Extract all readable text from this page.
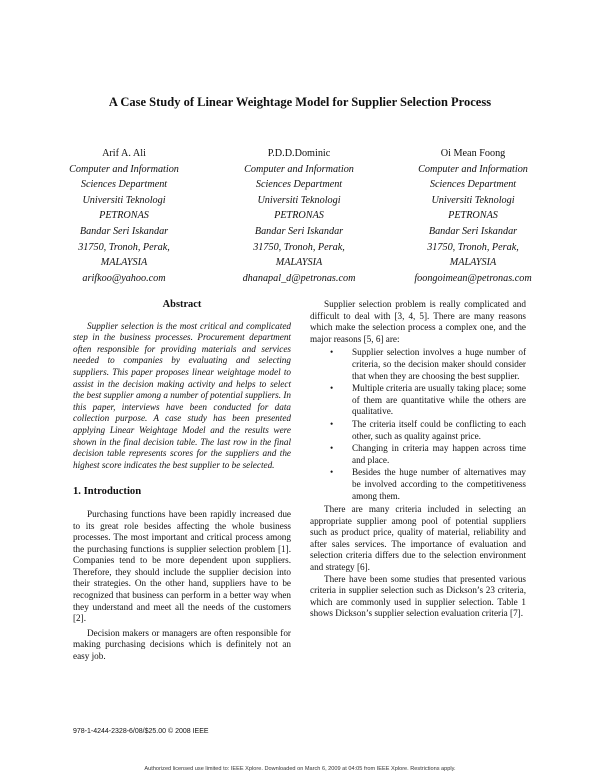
A Case Study of Linear Weightage Model for Supplier Selection Process
Arif A. Ali
Computer and Information
Sciences Department
Universiti Teknologi
PETRONAS
Bandar Seri Iskandar
31750, Tronoh, Perak,
MALAYSIA
arifkoo@yahoo.com
P.D.D.Dominic
Computer and Information
Sciences Department
Universiti Teknologi
PETRONAS
Bandar Seri Iskandar
31750, Tronoh, Perak,
MALAYSIA
dhanapal_d@petronas.com
Oi Mean Foong
Computer and Information
Sciences Department
Universiti Teknologi
PETRONAS
Bandar Seri Iskandar
31750, Tronoh, Perak,
MALAYSIA
foongoimean@petronas.com
Abstract

Supplier selection is the most critical and complicated step in the business processes. Procurement department often responsible for providing materials and services needed to companies by evaluating and selecting suppliers. This paper proposes linear weightage model to assist in the decision making activity and helps to select the best supplier among a number of potential suppliers. In this paper, interviews have been conducted for data collection purpose. A case study has been presented applying Linear Weightage Model and the results were shown in the final decision table. The last row in the final decision table represents scores for the suppliers and the highest score indicates the best supplier to be selected.

1. Introduction

Purchasing functions have been rapidly increased due to its great role besides affecting the whole business processes. The most important and critical process among the purchasing functions is supplier selection problem [1]. Companies tend to be more dependent upon suppliers. Therefore, they should include the supplier decision into their strategies. On the other hand, suppliers have to be recognized that business can perform in a better way when they understand and meet all the needs of the customers [2].

Decision makers or managers are often responsible for making purchasing decisions which is definitely not an easy job.

Supplier selection problem is really complicated and difficult to deal with [3, 4, 5]. There are many reasons which make the selection process a complex one, and the major reasons [5, 6] are:

• Supplier selection involves a huge number of criteria, so the decision maker should consider that when they are choosing the best supplier.
• Multiple criteria are usually taking place; some of them are quantitative while the others are qualitative.
• The criteria itself could be conflicting to each other, such as quality against price.
• Changing in criteria may happen across time and place.
• Besides the huge number of alternatives may be involved according to the competitiveness among them.

There are many criteria included in selecting an appropriate supplier among pool of potential suppliers such as product price, quality of material, reliability and after sales services. The importance of evaluation and selection criteria differs due to the selection environment and strategy [6].

There have been some studies that presented various criteria in supplier selection such as Dickson’s 23 criteria, which are commonly used in supplier selection. Table 1 shows Dickson’s supplier selection evaluation criteria [7].

978-1-4244-2328-6/08/$25.00 © 2008 IEEE
Authorized licensed use limited to: IEEE Xplore. Downloaded on March 6, 2009 at 04:05 from IEEE Xplore. Restrictions apply.
